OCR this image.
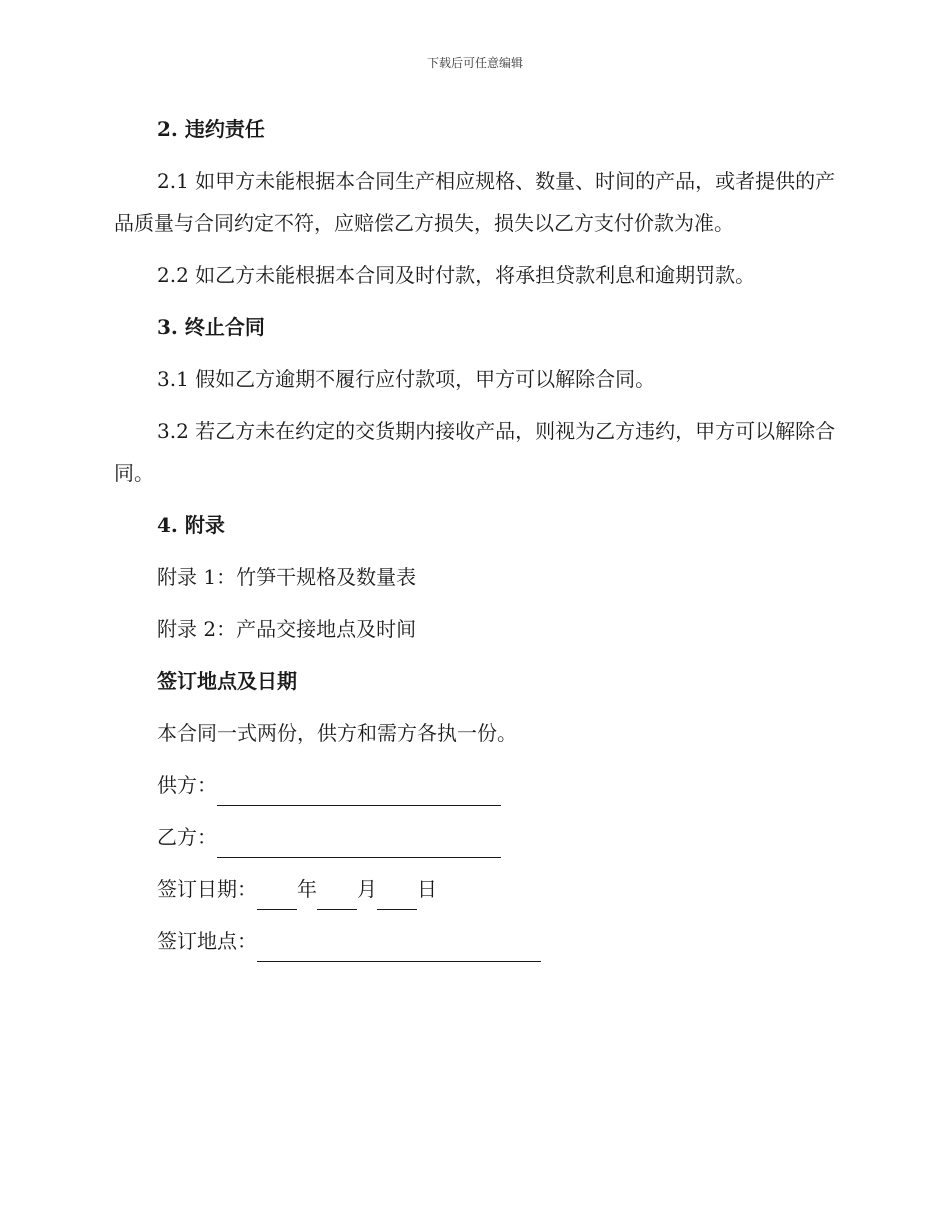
下载后可任意编辑
2. 违约责任
2.1 如甲方未能根据本合同生产相应规格、数量、时间的产品，或者提供的产品质量与合同约定不符，应赔偿乙方损失，损失以乙方支付价款为准。
2.2 如乙方未能根据本合同及时付款，将承担贷款利息和逾期罚款。
3. 终止合同
3.1 假如乙方逾期不履行应付款项，甲方可以解除合同。
3.2 若乙方未在约定的交货期内接收产品，则视为乙方违约，甲方可以解除合同。
4. 附录
附录 1：竹笋干规格及数量表
附录 2：产品交接地点及时间
签订地点及日期
本合同一式两份，供方和需方各执一份。
供方：
乙方：
签订日期： 年 月 日
签订地点：
